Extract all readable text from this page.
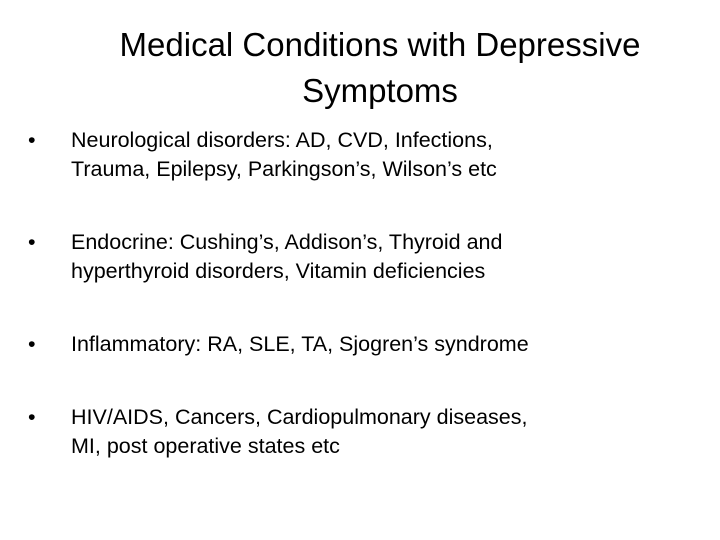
Medical Conditions with Depressive
Symptoms
•	Neurological disorders: AD, CVD, Infections,
Trauma, Epilepsy, Parkingson’s, Wilson’s etc
•	Endocrine: Cushing’s, Addison’s, Thyroid and
hyperthyroid disorders, Vitamin deficiencies
•	Inflammatory: RA, SLE, TA, Sjogren’s syndrome
•	HIV/AIDS, Cancers, Cardiopulmonary diseases,
MI, post operative states etc
